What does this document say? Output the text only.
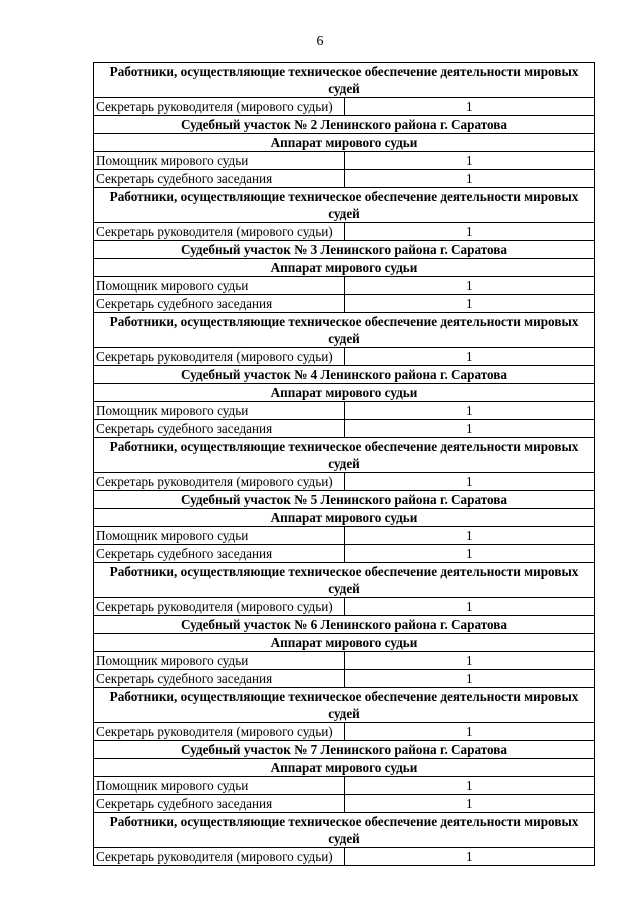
6
Работники, осуществляющие техническое обеспечение деятельности мировых судей	
Секретарь руководителя (мирового судьи)	1
Судебный участок № 2 Ленинского района г. Саратова	
Аппарат мирового судьи	
Помощник мирового судьи	1
Секретарь судебного заседания	1
Работники, осуществляющие техническое обеспечение деятельности мировых судей	
Секретарь руководителя (мирового судьи)	1
Судебный участок № 3 Ленинского района г. Саратова	
Аппарат мирового судьи	
Помощник мирового судьи	1
Секретарь судебного заседания	1
Работники, осуществляющие техническое обеспечение деятельности мировых судей	
Секретарь руководителя (мирового судьи)	1
Судебный участок № 4 Ленинского района г. Саратова	
Аппарат мирового судьи	
Помощник мирового судьи	1
Секретарь судебного заседания	1
Работники, осуществляющие техническое обеспечение деятельности мировых судей	
Секретарь руководителя (мирового судьи)	1
Судебный участок № 5 Ленинского района г. Саратова	
Аппарат мирового судьи	
Помощник мирового судьи	1
Секретарь судебного заседания	1
Работники, осуществляющие техническое обеспечение деятельности мировых судей	
Секретарь руководителя (мирового судьи)	1
Судебный участок № 6 Ленинского района г. Саратова	
Аппарат мирового судьи	
Помощник мирового судьи	1
Секретарь судебного заседания	1
Работники, осуществляющие техническое обеспечение деятельности мировых судей	
Секретарь руководителя (мирового судьи)	1
Судебный участок № 7 Ленинского района г. Саратова	
Аппарат мирового судьи	
Помощник мирового судьи	1
Секретарь судебного заседания	1
Работники, осуществляющие техническое обеспечение деятельности мировых судей	
Секретарь руководителя (мирового судьи)	1
